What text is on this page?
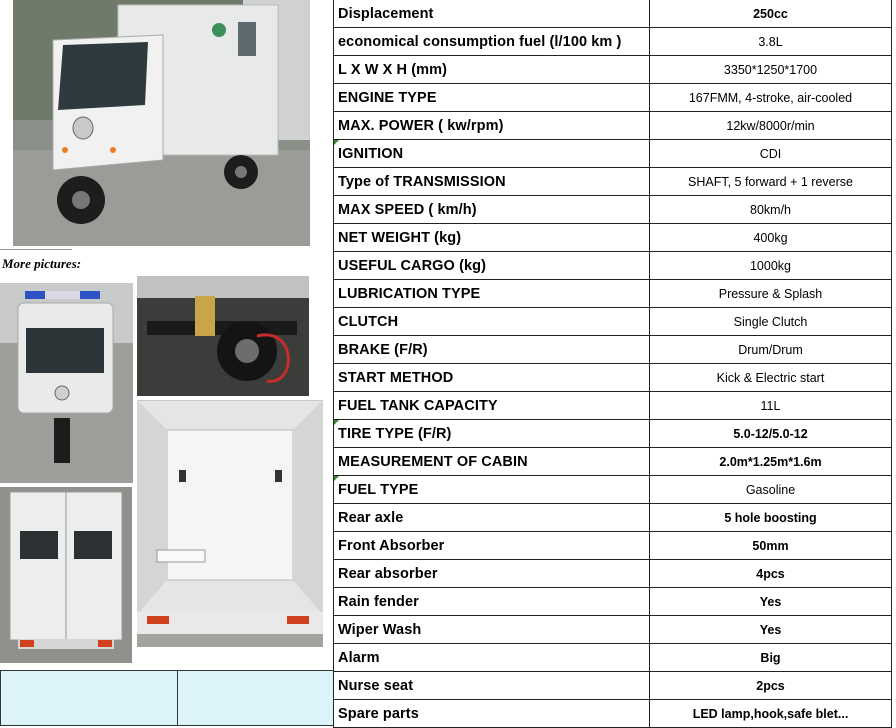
More pictures:
Displacement	250cc
economical consumption fuel (l/100 km )	3.8L
L X W X H (mm)	3350*1250*1700
ENGINE TYPE	167FMM, 4-stroke, air-cooled
MAX. POWER ( kw/rpm)	12kw/8000r/min
IGNITION	CDI
Type of TRANSMISSION	SHAFT, 5 forward + 1 reverse
MAX SPEED ( km/h)	80km/h
NET WEIGHT (kg)	400kg
USEFUL CARGO (kg)	1000kg
LUBRICATION TYPE	Pressure & Splash
CLUTCH	Single Clutch
BRAKE (F/R)	Drum/Drum
START METHOD	Kick & Electric start
FUEL TANK CAPACITY	11L
TIRE TYPE (F/R)	5.0-12/5.0-12
MEASUREMENT OF CABIN	2.0m*1.25m*1.6m
FUEL TYPE	Gasoline
Rear axle	5 hole boosting
Front Absorber	50mm
Rear absorber	4pcs
Rain fender	Yes
Wiper Wash	Yes
Alarm	Big
Nurse seat	2pcs
Spare parts	LED lamp,hook,safe blet...
